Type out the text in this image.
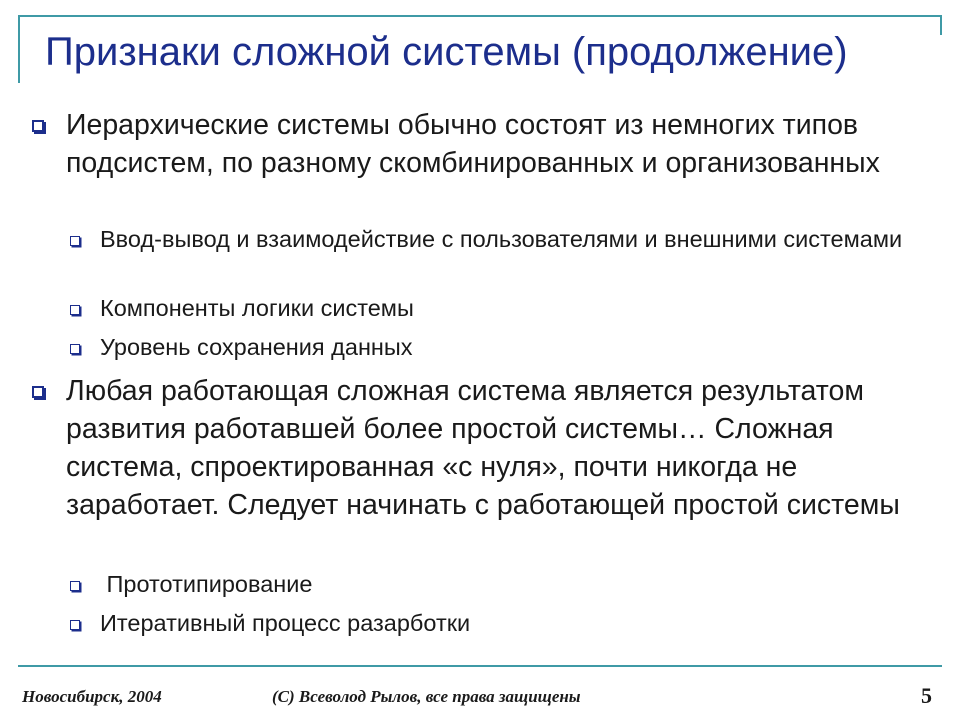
Признаки сложной системы (продолжение)
Иерархические системы обычно состоят из немногих типов подсистем, по разному скомбинированных и организованных
Ввод-вывод и взаимодействие с пользователями и внешними системами
Компоненты логики системы
Уровень сохранения данных
Любая работающая сложная система является результатом развития работавшей более простой системы… Сложная система, спроектированная «с нуля», почти никогда не заработает. Следует начинать с работающей простой системы
Прототипирование
Итеративный процесс разарботки
Новосибирск, 2004	(C) Всеволод Рылов, все права защищены	5
